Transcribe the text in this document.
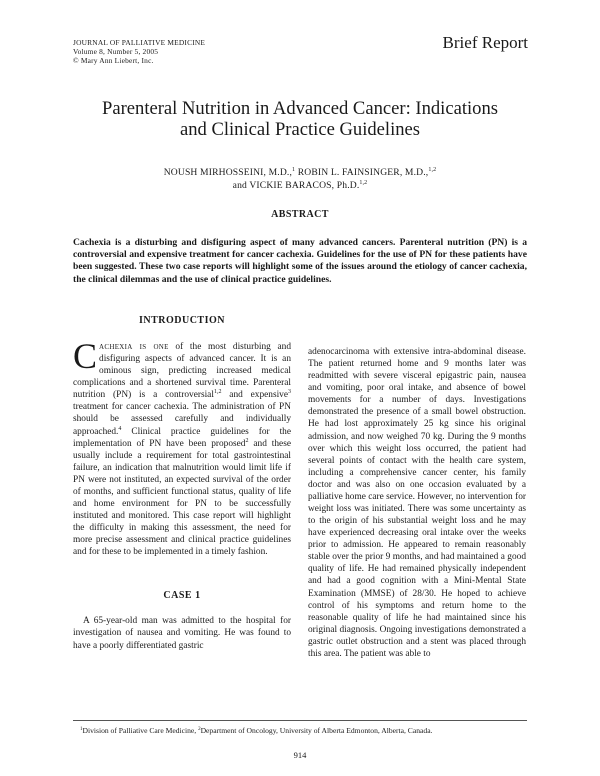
JOURNAL OF PALLIATIVE MEDICINE
Volume 8, Number 5, 2005
© Mary Ann Liebert, Inc.
Brief Report
Parenteral Nutrition in Advanced Cancer: Indications
and Clinical Practice Guidelines
NOUSH MIRHOSSEINI, M.D.,$^1$ ROBIN L. FAINSINGER, M.D.,$^{1,2}$
and VICKIE BARACOS, Ph.D.$^{1,2}$
ABSTRACT
Cachexia is a disturbing and disfiguring aspect of many advanced cancers. Parenteral nutrition (PN) is a controversial and expensive treatment for cancer cachexia. Guidelines for the use of PN for these patients have been suggested. These two case reports will highlight some of the issues around the etiology of cancer cachexia, the clinical dilemmas and the use of clinical practice guidelines.
INTRODUCTION

Cachexia is one of the most disturbing and disfiguring aspects of advanced cancer. It is an ominous sign, predicting increased medical complications and a shortened survival time. Parenteral nutrition (PN) is a controversial$^{1,2}$ and expensive$^3$ treatment for cancer cachexia. The administration of PN should be assessed carefully and individually approached.$^4$ Clinical practice guidelines for the implementation of PN have been proposed$^2$ and these usually include a requirement for total gastrointestinal failure, an indication that malnutrition would limit life if PN were not instituted, an expected survival of the order of months, and sufficient functional status, quality of life and home environment for PN to be successfully instituted and monitored. This case report will highlight the difficulty in making this assessment, the need for more precise assessment and clinical practice guidelines and for these to be implemented in a timely fashion.

CASE 1

A 65-year-old man was admitted to the hospital for investigation of nausea and vomiting. He was found to have a poorly differentiated gastric

adenocarcinoma with extensive intra-abdominal disease. The patient returned home and 9 months later was readmitted with severe visceral epigastric pain, nausea and vomiting, poor oral intake, and absence of bowel movements for a number of days. Investigations demonstrated the presence of a small bowel obstruction. He had lost approximately 25 kg since his original admission, and now weighed 70 kg. During the 9 months over which this weight loss occurred, the patient had several points of contact with the health care system, including a comprehensive cancer center, his family doctor and was also on one occasion evaluated by a palliative home care service. However, no intervention for weight loss was initiated. There was some uncertainty as to the origin of his substantial weight loss and he may have experienced decreasing oral intake over the weeks prior to admission. He appeared to remain reasonably stable over the prior 9 months, and had maintained a good quality of life. He had remained physically independent and had a good cognition with a Mini-Mental State Examination (MMSE) of 28/30. He hoped to achieve control of his symptoms and return home to the reasonable quality of life he had maintained since his original diagnosis. Ongoing investigations demonstrated a gastric outlet obstruction and a stent was placed through this area. The patient was able to

$^1$Division of Palliative Care Medicine, $^2$Department of Oncology, University of Alberta Edmonton, Alberta, Canada.
914
